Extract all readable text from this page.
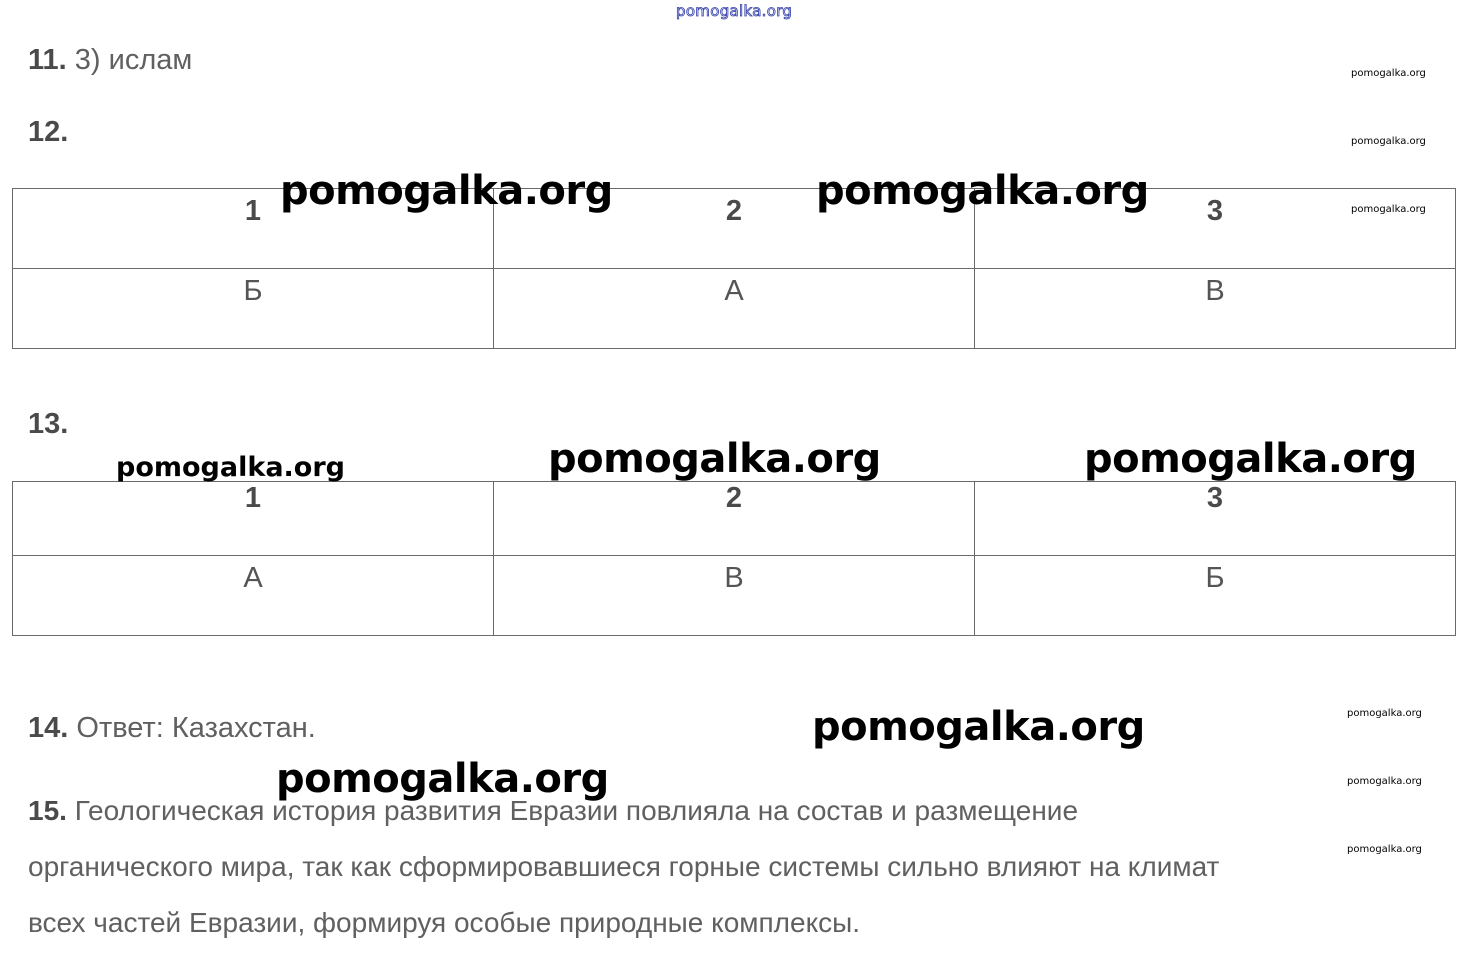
pomogalka.org
11. 3) ислам
12.
1	2	3
Б	А	В
13.
1	2	3
А	В	Б
14. Ответ: Казахстан.
15. Геологическая история развития Евразии повлияла на состав и размещение
органического мира, так как сформировавшиеся горные системы сильно влияют на климат
всех частей Евразии, формируя особые природные комплексы.
pomogalka.org	pomogalka.org
pomogalka.org	pomogalka.org	pomogalka.org
pomogalka.org
pomogalka.org
pomogalka.org
pomogalka.org
pomogalka.org
pomogalka.org
pomogalka.org
pomogalka.org
